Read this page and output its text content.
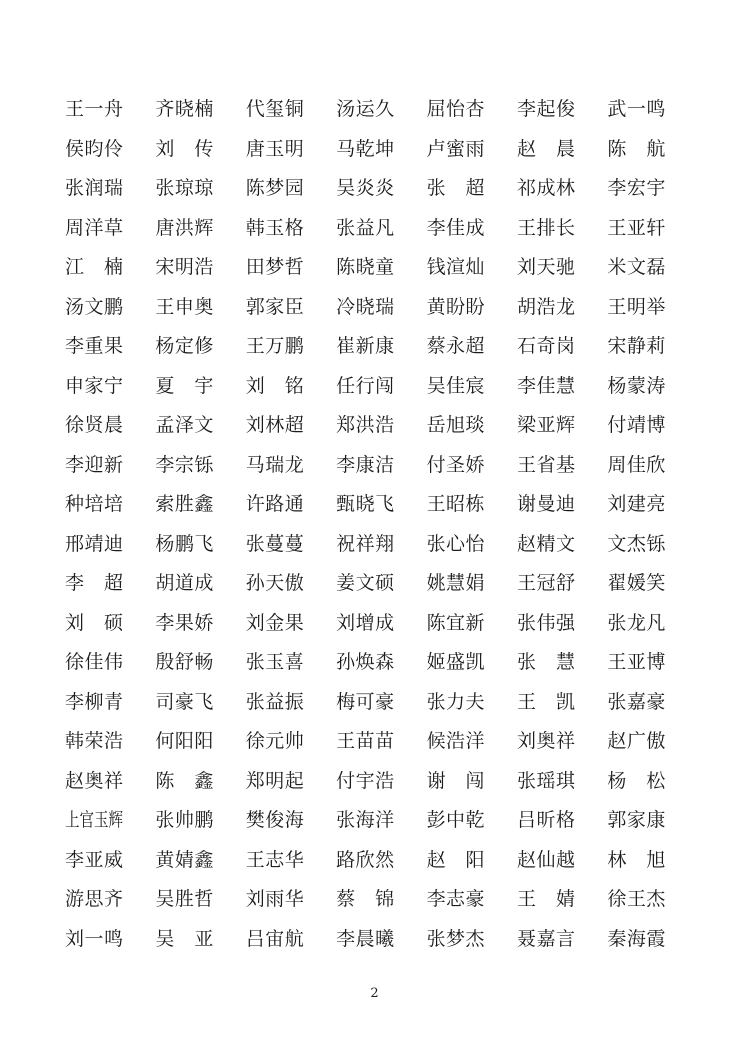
王一舟 齐晓楠 代玺铜 汤运久 屈怡杏 李起俊 武一鸣
侯昀伶 刘传 唐玉明 马乾坤 卢蜜雨 赵晨 陈航
张润瑞 张琼琼 陈梦园 吴炎炎 张超 祁成林 李宏宇
周洋草 唐洪辉 韩玉格 张益凡 李佳成 王排长 王亚轩
江楠 宋明浩 田梦哲 陈晓童 钱渲灿 刘天驰 米文磊
汤文鹏 王申奥 郭家臣 冷晓瑞 黄盼盼 胡浩龙 王明举
李重果 杨定修 王万鹏 崔新康 蔡永超 石奇岗 宋静莉
申家宁 夏宇 刘铭 任行闯 吴佳宸 李佳慧 杨蒙涛
徐贤晨 孟泽文 刘林超 郑洪浩 岳旭琰 梁亚辉 付靖博
李迎新 李宗铄 马瑞龙 李康洁 付圣娇 王省基 周佳欣
种培培 索胜鑫 许路通 甄晓飞 王昭栋 谢曼迪 刘建亮
邢靖迪 杨鹏飞 张蔓蔓 祝祥翔 张心怡 赵精文 文杰铄
李超 胡道成 孙天傲 姜文硕 姚慧娟 王冠舒 翟媛笑
刘硕 李果娇 刘金果 刘增成 陈宜新 张伟强 张龙凡
徐佳伟 殷舒畅 张玉喜 孙焕森 姬盛凯 张慧 王亚博
李柳青 司豪飞 张益振 梅可豪 张力夫 王凯 张嘉豪
韩荣浩 何阳阳 徐元帅 王苗苗 候浩洋 刘奥祥 赵广傲
赵奥祥 陈鑫 郑明起 付宇浩 谢闯 张瑶琪 杨松
上官玉辉 张帅鹏 樊俊海 张海洋 彭中乾 吕昕格 郭家康
李亚威 黄婧鑫 王志华 路欣然 赵阳 赵仙越 林旭
游思齐 吴胜哲 刘雨华 蔡锦 李志豪 王婧 徐王杰
刘一鸣 吴亚 吕宙航 李晨曦 张梦杰 聂嘉言 秦海霞
2
